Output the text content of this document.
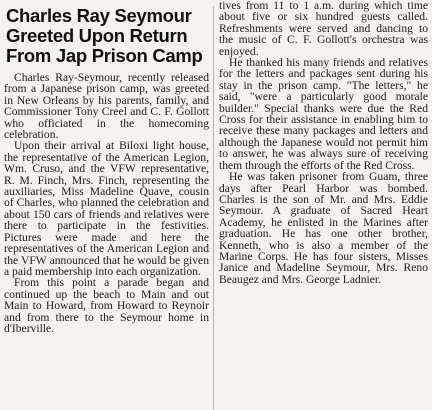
Charles Ray Seymour
Greeted Upon Return
From Jap Prison Camp

Charles Ray-Seymour, recently released from a Japanese prison camp, was greeted in New Orleans by his parents, family, and Commissioner Tony Creel and C. F. Gollott who officiated in the homecoming celebration.

Upon their arrival at Biloxi light house, the representative of the American Legion, Wm. Cruso, and the VFW representative, R. M. Finch, Mrs. Finch, representing the auxiliaries, Miss Madeline Quave, cousin of Charles, who planned the celebration and about 150 cars of friends and relatives were there to participate in the festivities. Pictures were made and here the representatives of the American Legion and the VFW announced that he would be given a paid membership into each organization.

From this point a parade began and continued up the beach to Main and out Main to Howard, from Howard to Reynoir and from there to the Seymour home in d'Iberville.

tives from 11 to 1 a.m. during which time about five or six hundred guests called. Refreshments were served and dancing to the music of C. F. Gollott's orchestra was enjoyed.

He thanked his many friends and relatives for the letters and packages sent during his stay in the prison camp. "The letters," he said, "were a particularly good morale builder." Special thanks were due the Red Cross for their assistance in enabling him to receive these many packages and letters and although the Japanese would not permit him to answer, he was always sure of receiving them through the efforts of the Red Cross.

He was taken prisoner from Guam, three days after Pearl Harbor was bombed. Charles is the son of Mr. and Mrs. Eddie Seymour. A graduate of Sacred Heart Academy, he enlisted in the Marines after graduation. He has one other brother, Kenneth, who is also a member of the Marine Corps. He has four sisters, Misses Janice and Madeline Seymour, Mrs. Reno Beaugez and Mrs. George Ladnier.
